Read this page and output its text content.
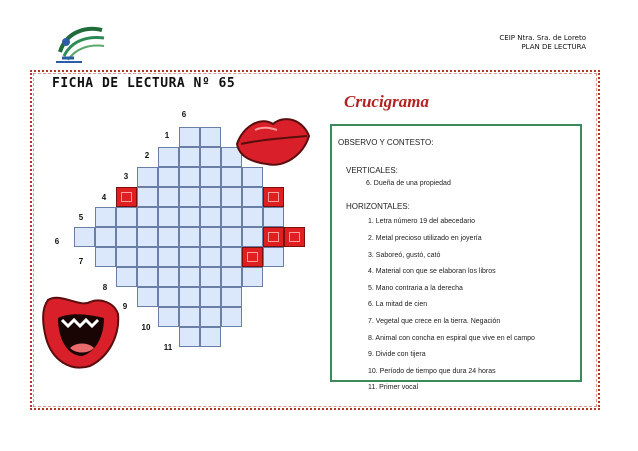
CEIP Ntra. Sra. de Loreto
PLAN DE LECTURA
FICHA DE LECTURA Nº 65
Crucigrama
6
1
2
3
4
5
6
7
8
9
10
11
OBSERVO Y CONTESTO:
VERTICALES:
6. Dueña de una propiedad
HORIZONTALES:
1. Letra número 19 del abecedario
2. Metal precioso utilizado en joyería
3. Saboreó, gustó, cató
4. Material con que se elaboran los libros
5. Mano contraria a la derecha
6. La mitad de cien
7. Vegetal que crece en la tierra. Negación
8. Animal con concha en espiral que vive en el campo
9. Divide con tijera
10. Período de tiempo que dura 24 horas
11. Primer vocal
